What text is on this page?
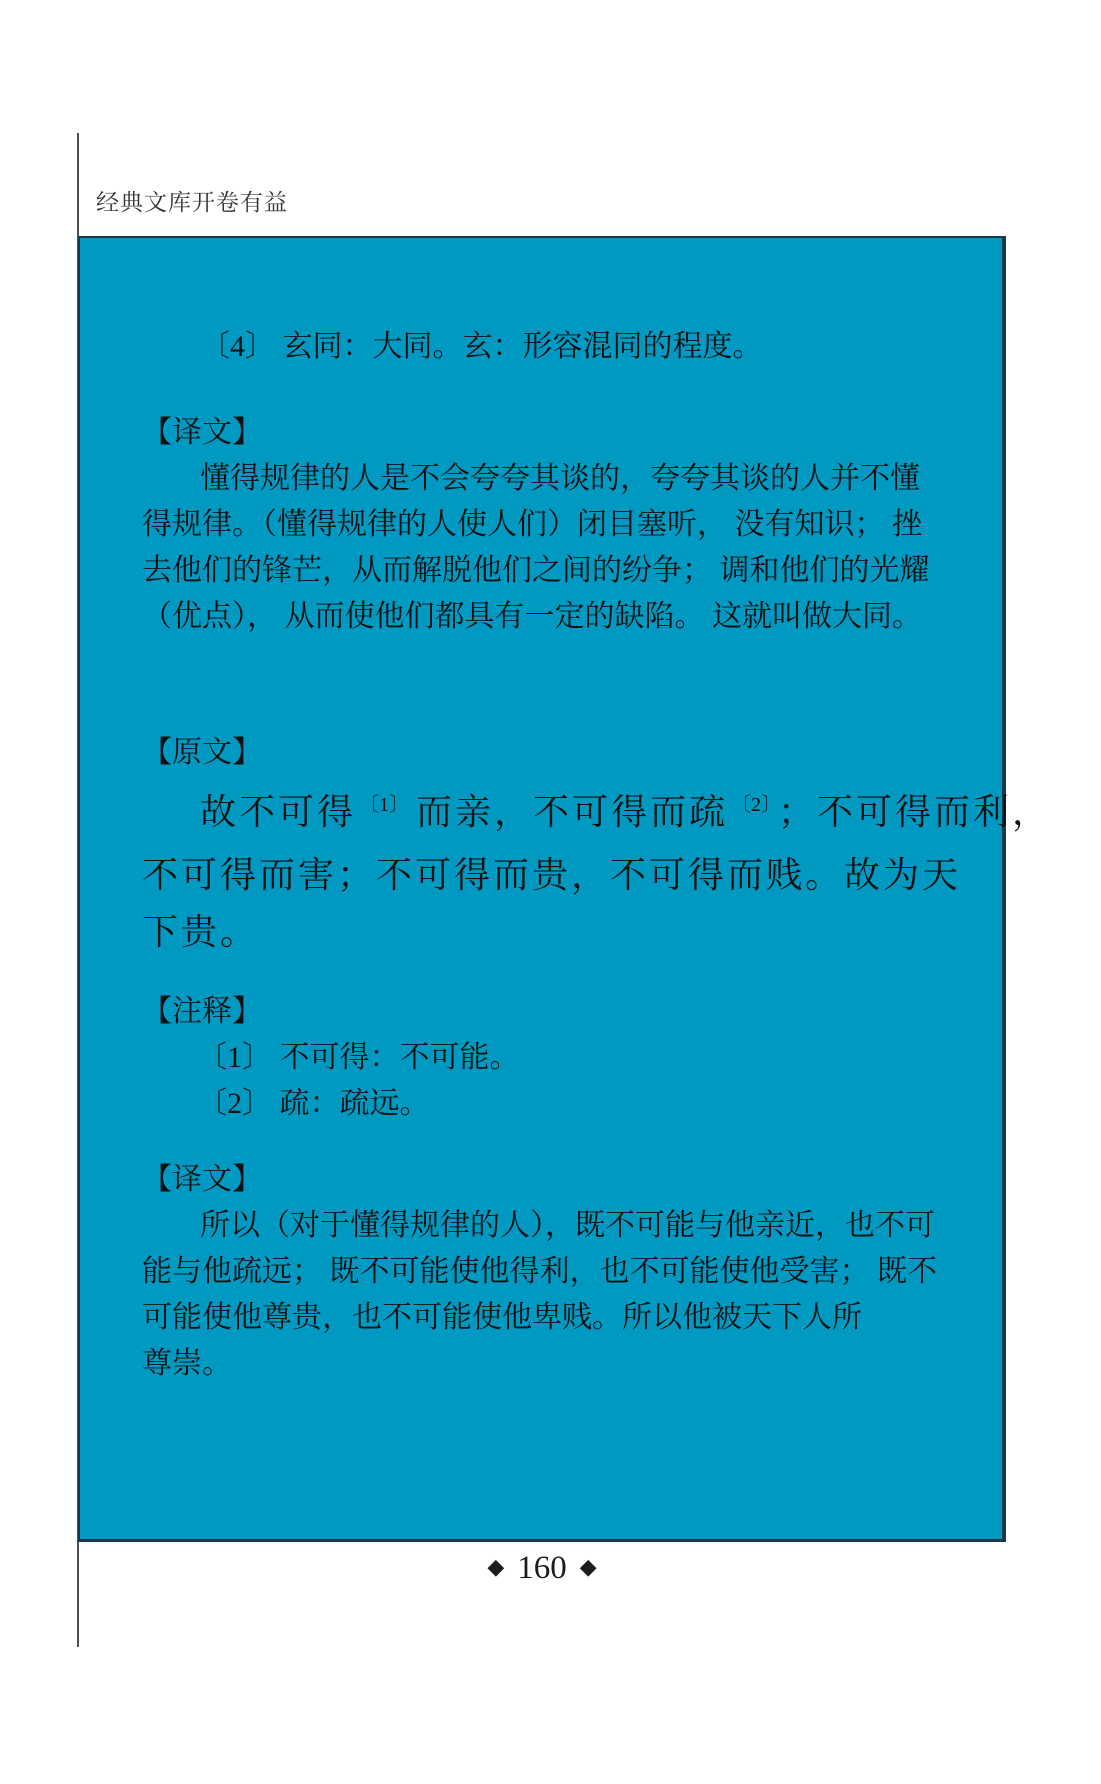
经典文库开卷有益
〔4〕 玄同：大同。玄：形容混同的程度。
【译文】
懂得规律的人是不会夸夸其谈的，夸夸其谈的人并不懂
得规律。（懂得规律的人使人们）闭目塞听， 没有知识； 挫
去他们的锋芒，从而解脱他们之间的纷争； 调和他们的光耀
（优点）， 从而使他们都具有一定的缺陷。 这就叫做大同。
【原文】
故不可得 $^{〔1〕}$ 而亲，不可得而疏 $^{〔2〕}$ ；不可得而利，
不可得而害；不可得而贵，不可得而贱。故为天
下贵。
【注释】
〔1〕 不可得：不可能。
〔2〕 疏：疏远。
【译文】
所以（对于懂得规律的人），既不可能与他亲近，也不可
能与他疏远； 既不可能使他得利，也不可能使他受害； 既不
可能使他尊贵，也不可能使他卑贱。所以他被天下人所
尊崇。
◆ 160 ◆
